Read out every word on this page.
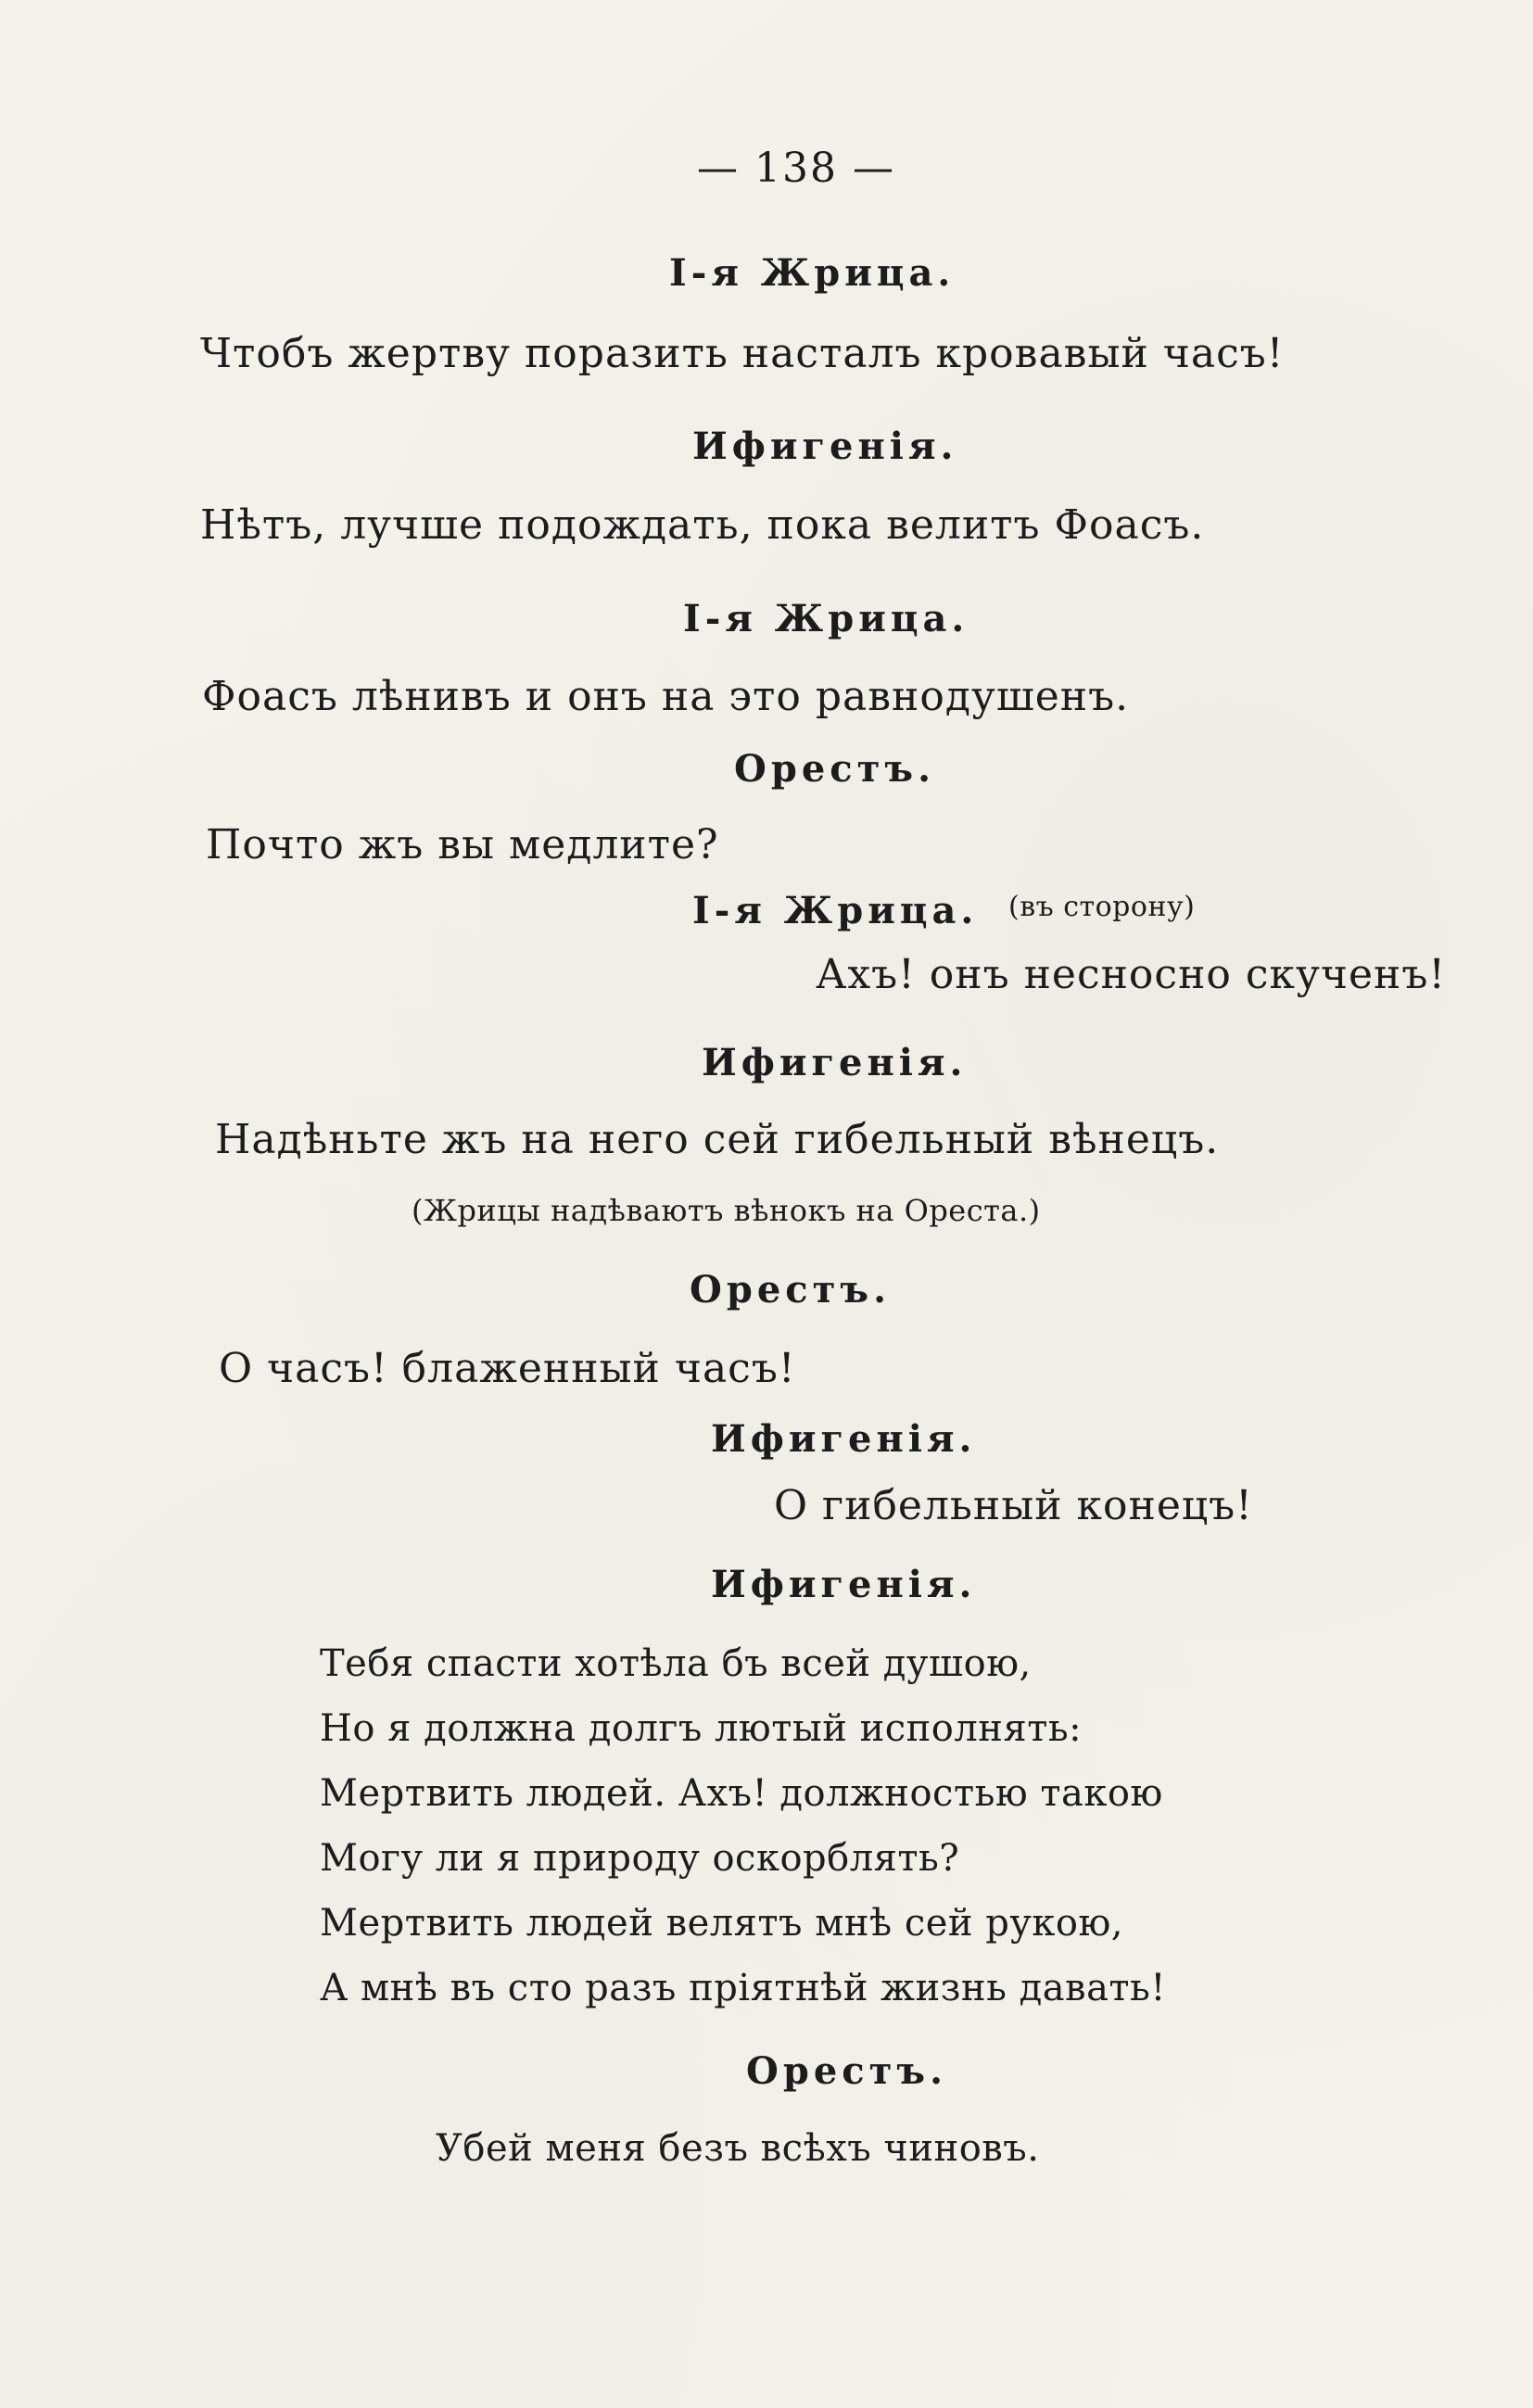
— 138 —
I-я Жрица.
Чтобъ жертву поразить насталъ кровавый часъ!
Ифигенія.
Нѣтъ, лучше подождать, пока велитъ Фоасъ.
I-я Жрица.
Фоасъ лѣнивъ и онъ на это равнодушенъ.
Орестъ.
Почто жъ вы медлите?
I-я Жрица. (въ сторону)
Ахъ! онъ несносно скученъ!
Ифигенія.
Надѣньте жъ на него сей гибельный вѣнецъ.
(Жрицы надѣваютъ вѣнокъ на Ореста.)
Орестъ.
О часъ! блаженный часъ!
Ифигенія.
О гибельный конецъ!
Ифигенія.
Тебя спасти хотѣла бъ всей душою,
Но я должна долгъ лютый исполнять:
Мертвить людей. Ахъ! должностью такою
Могу ли я природу оскорблять?
Мертвить людей велятъ мнѣ сей рукою,
А мнѣ въ сто разъ пріятнѣй жизнь давать!
Орестъ.
Убей меня безъ всѣхъ чиновъ.
